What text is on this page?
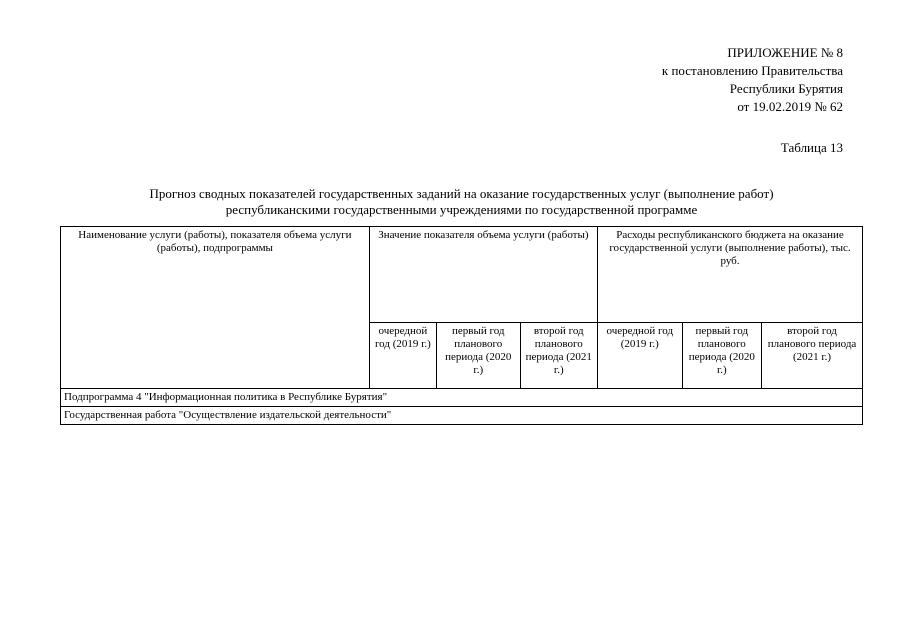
ПРИЛОЖЕНИЕ № 8
к постановлению Правительства
Республики Бурятия
от 19.02.2019 № 62
Таблица 13
Прогноз сводных показателей государственных заданий на оказание государственных услуг (выполнение работ)
республиканскими государственными учреждениями по государственной программе
Наименование услуги (работы), показателя объема услуги (работы), подпрограммы	Значение показателя объема услуги (работы)			Расходы республиканского бюджета на оказание государственной услуги (выполнение работы), тыс. руб.		
	очередной год (2019 г.)	первый год планового периода (2020 г.)	второй год планового периода (2021 г.)	очередной год (2019 г.)	первый год планового периода (2020 г.)	второй год планового периода (2021 г.)
Подпрограмма 4 "Информационная политика в Республике Бурятия"						
Государственная работа "Осуществление издательской деятельности"						
